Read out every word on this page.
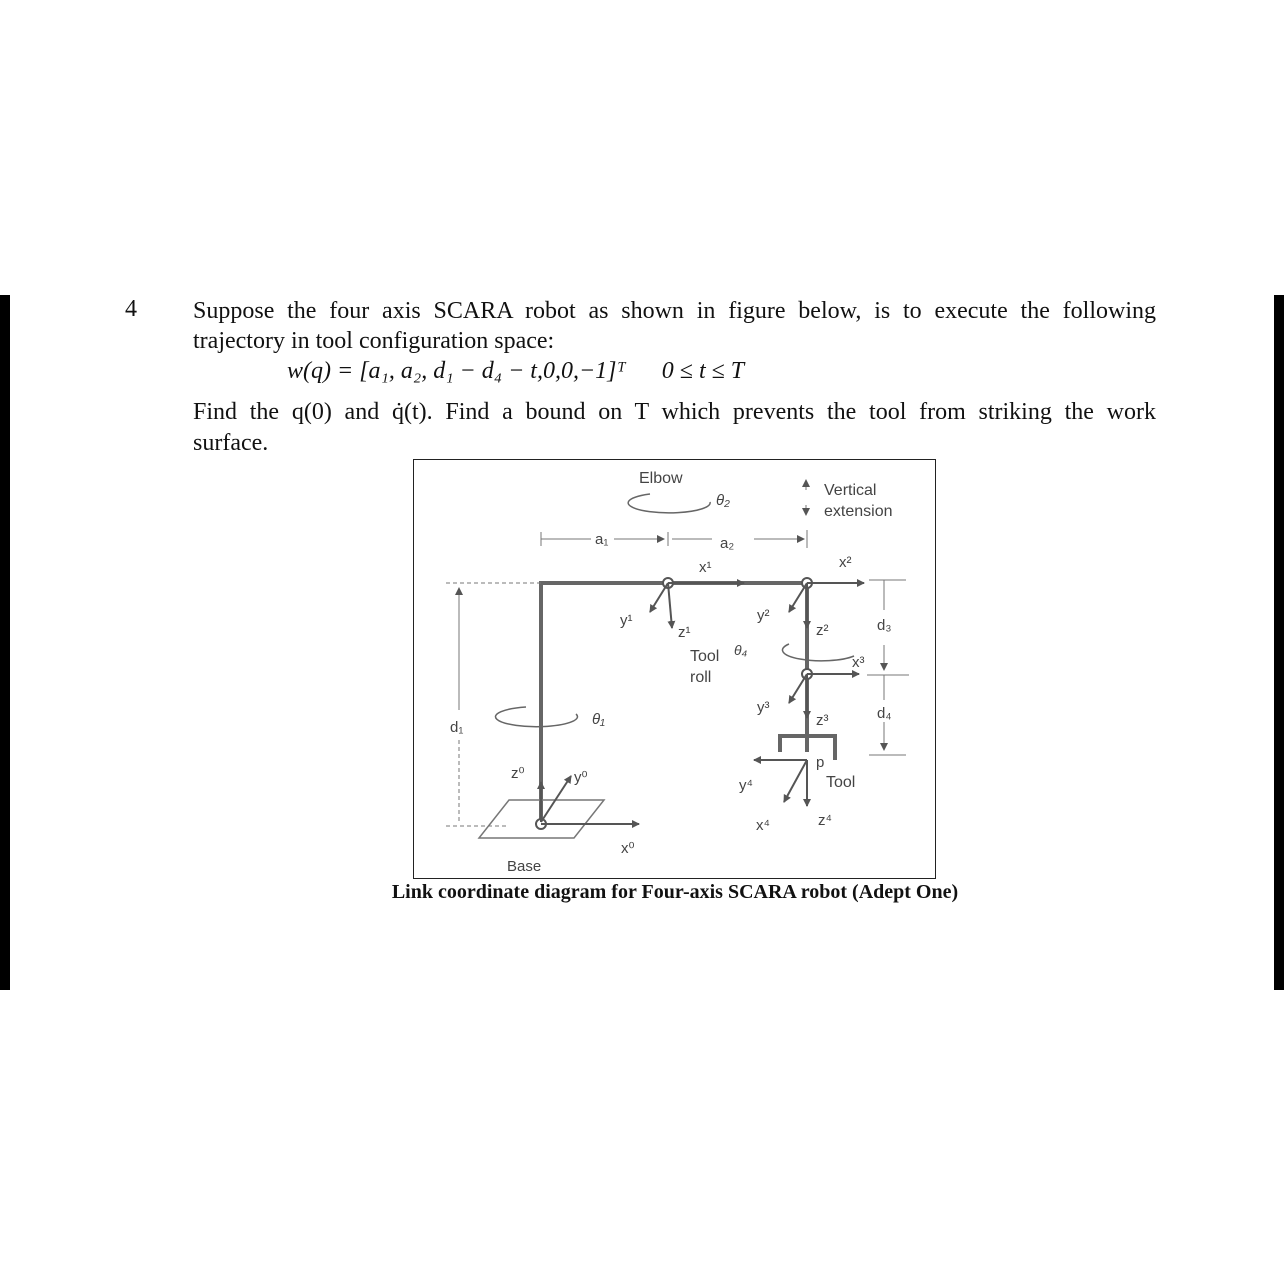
4 Suppose the four axis SCARA robot as shown in figure below, is to execute the following
trajectory in tool configuration space:
w(q) = [a₁, a₂, d₁ − d₄ − t,0,0,−1]ᵀ      0 ≤ t ≤ T
Find the q(0) and q̇(t). Find a bound on T which prevents the tool from striking the work
surface.
Elbow
θ₂
Vertical
extension
a₁	a₂
x¹	x²
y¹
z¹
y²
z²	d₃
x³
Tool θ₄
roll
y³
z³	d₄
d₁	θ₁
z⁰	y⁰
x⁰
p
y⁴	Tool
x⁴	z⁴
Base
Link coordinate diagram for Four-axis SCARA robot (Adept One)
